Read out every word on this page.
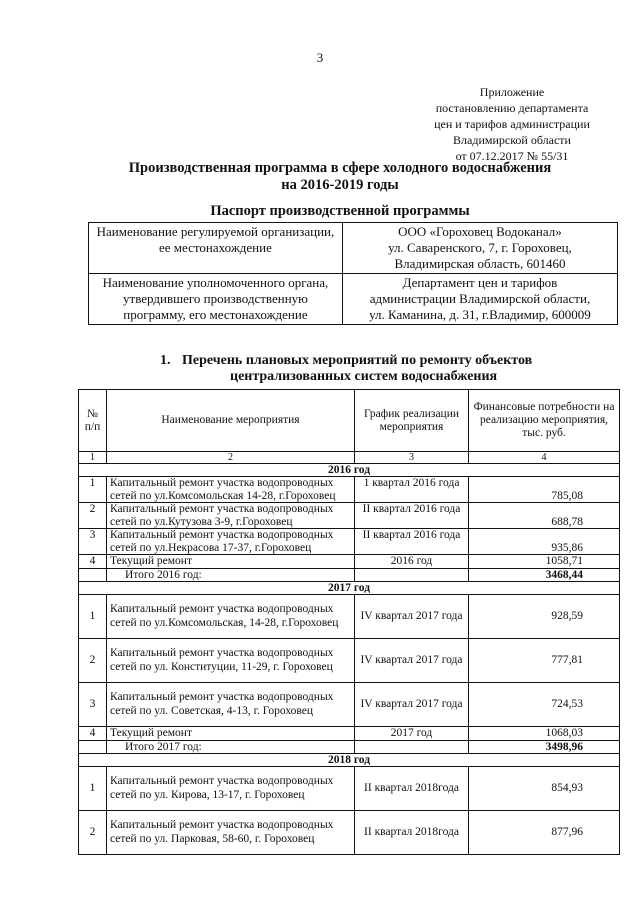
3
Приложение
постановлению департамента
цен и тарифов администрации
Владимирской области
от 07.12.2017 № 55/31
Производственная программа в сфере холодного водоснабжения
на 2016-2019 годы
Паспорт производственной программы
Наименование регулируемой организации, ее местонахождение	ООО «Гороховец Водоканал»
ул. Саваренского, 7, г. Гороховец,
Владимирская область, 601460

Наименование уполномоченного органа, утвердившего производственную программу, его местонахождение	Департамент цен и тарифов
администрации Владимирской области,
ул. Каманина, д. 31, г.Владимир, 600009
1. Перечень плановых мероприятий по ремонту объектов
централизованных систем водоснабжения
№
п/п	Наименование мероприятия	График реализации мероприятия	Финансовые потребности на реализацию мероприятия, тыс. руб.
1	2	3	4
2016 год			
1	Капитальный ремонт участка водопроводных сетей по ул.Комсомольская 14-28, г.Гороховец	1 квартал 2016 года	785,08
2	Капитальный ремонт участка водопроводных сетей по ул.Кутузова 3-9, г.Гороховец	II квартал 2016 года	688,78
3	Капитальный ремонт участка водопроводных сетей по ул.Некрасова 17-37, г.Гороховец	II квартал 2016 года	935,86
4	Текущий ремонт	2016 год	1058,71
	Итого 2016 год:		3468,44
2017 год			
1	Капитальный ремонт участка водопроводных сетей по ул.Комсомольская, 14-28, г.Гороховец	IV квартал 2017 года	928,59
2	Капитальный ремонт участка водопроводных сетей по ул. Конституции, 11-29, г. Гороховец	IV квартал 2017 года	777,81
3	Капитальный ремонт участка водопроводных сетей по ул. Советская, 4-13, г. Гороховец	IV квартал 2017 года	724,53
4	Текущий ремонт	2017 год	1068,03
	Итого 2017 год:		3498,96
2018 год			
1	Капитальный ремонт участка водопроводных сетей по ул. Кирова, 13-17, г. Гороховец	II квартал 2018года	854,93
2	Капитальный ремонт участка водопроводных сетей по ул. Парковая, 58-60, г. Гороховец	II квартал 2018года	877,96
